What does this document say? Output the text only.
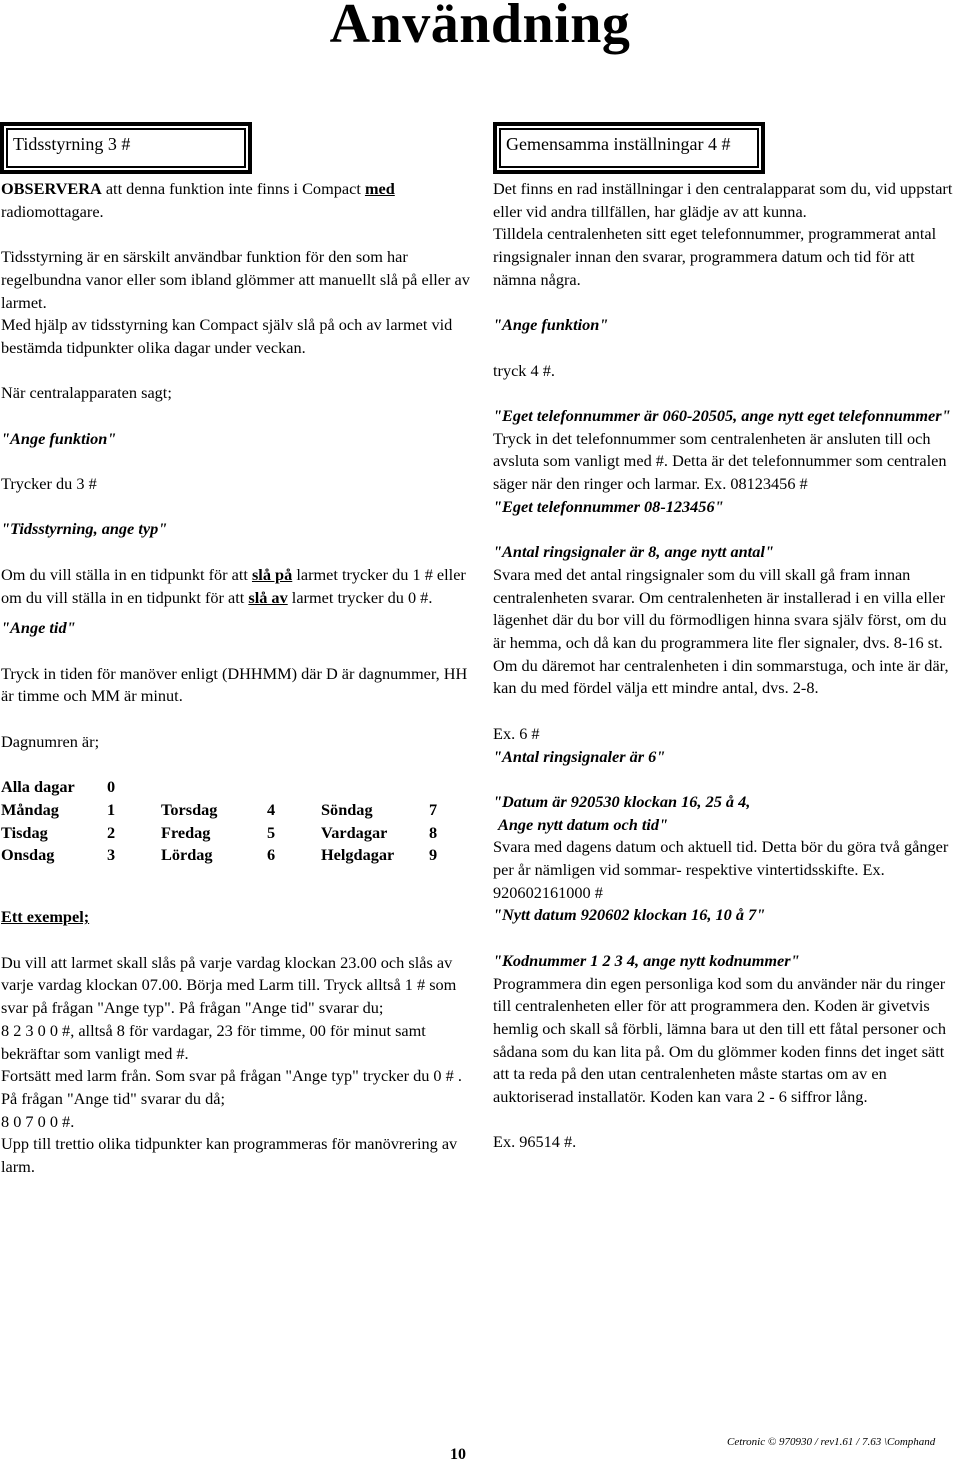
Användning
Tidsstyrning 3 #	Gemensamma inställningar 4 #

OBSERVERA att denna funktion inte finns i Compact med
radiomottagare.

Tidsstyrning är en särskilt användbar funktion för den som har regelbundna vanor eller som ibland glömmer att manuellt slå på eller av larmet.

Med hjälp av tidsstyrning kan Compact själv slå på och av larmet vid bestämda tidpunkter olika dagar under veckan.

När centralapparaten sagt;

"Ange funktion"

Trycker du 3 #

"Tidsstyrning, ange typ"

Om du vill ställa in en tidpunkt för att slå på larmet trycker du 1 # eller

om du vill ställa in en tidpunkt för att slå av larmet trycker du 0 #.

"Ange tid"

Tryck in tiden för manöver enligt (DHHMM) där D är dagnummer, HH är timme och MM är minut.

Dagnumren är;

Alla dagar	0				
Måndag	1	Torsdag	4	Söndag	7
Tisdag	2	Fredag	5	Vardagar	8
Onsdag	3	Lördag	6	Helgdagar	9

Ett exempel;

Du vill att larmet skall slås på varje vardag klockan 23.00 och slås av varje vardag klockan 07.00. Börja med Larm till. Tryck alltså 1 # som svar på frågan "Ange typ". På frågan "Ange tid" svarar du;

8 2 3 0 0 #, alltså 8 för vardagar, 23 för timme, 00 för minut samt bekräftar som vanligt med #.

Fortsätt med larm från. Som svar på frågan "Ange typ" trycker du 0 # . På frågan "Ange tid" svarar du då;

8 0 7 0 0 #.

Upp till trettio olika tidpunkter kan programmeras för manövrering av larm.

Det finns en rad inställningar i den centralapparat som du, vid uppstart eller vid andra tillfällen, har glädje av att kunna.

Tilldela centralenheten sitt eget telefonnummer, programmerat antal ringsignaler innan den svarar, programmera datum och tid för att nämna några.

"Ange funktion"

tryck 4 #.

"Eget telefonnummer är 060-20505, ange nytt eget telefonnummer"

Tryck in det telefonnummer som centralenheten är ansluten till och avsluta som vanligt med #. Detta är det telefonnummer som centralen säger när den ringer och larmar. Ex. 08123456 #

"Eget telefonnummer 08-123456"

"Antal ringsignaler är 8, ange nytt antal"

Svara med det antal ringsignaler som du vill skall gå fram innan centralenheten svarar. Om centralenheten är installerad i en villa eller lägenhet där du bor vill du förmodligen hinna svara själv först, om du är hemma, och då kan du programmera lite fler signaler, dvs. 8-16 st. Om du däremot har centralenheten i din sommarstuga, och inte är där, kan du med fördel välja ett mindre antal, dvs. 2-8.

Ex. 6 #

"Antal ringsignaler är 6"

"Datum är 920530 klockan 16, 25 å 4,

Ange nytt datum och tid"

Svara med dagens datum och aktuell tid. Detta bör du göra två gånger per år nämligen vid sommar- respektive vintertidsskifte. Ex. 920602161000 #

"Nytt datum 920602 klockan 16, 10 å 7"

"Kodnummer 1 2 3 4, ange nytt kodnummer"

Programmera din egen personliga kod som du använder när du ringer till centralenheten eller för att programmera den. Koden är givetvis hemlig och skall så förbli, lämna bara ut den till ett fåtal personer och sådana som du kan lita på. Om du glömmer koden finns det inget sätt att ta reda på den utan centralenheten måste startas om av en auktoriserad installatör. Koden kan vara 2 - 6 siffror lång.

Ex. 96514 #.

10
Cetronic © 970930 / rev1.61 / 7.63 \Comphand
